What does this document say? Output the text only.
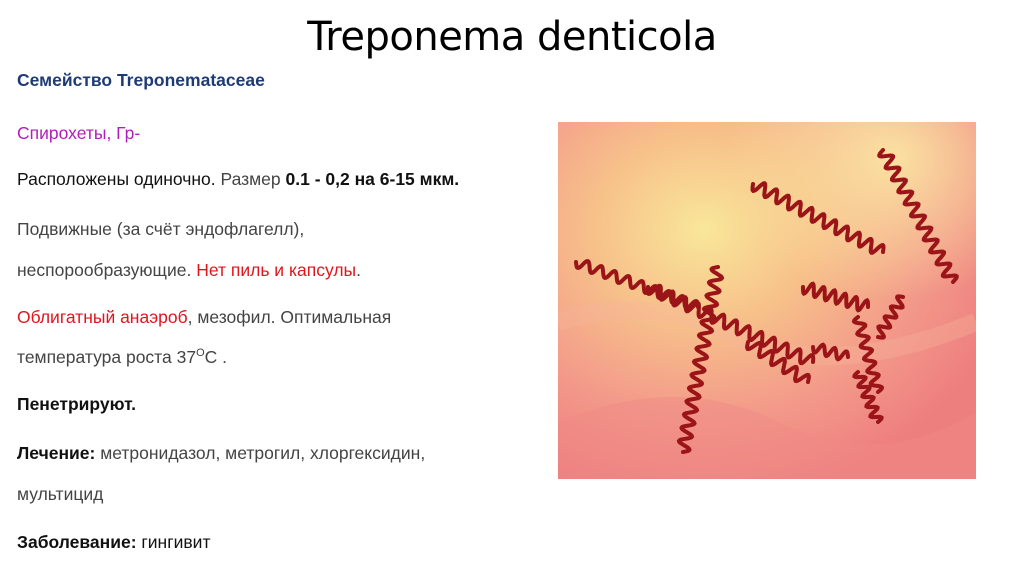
Treponema denticola
Семейство Treponemataceae
Спирохеты, Гр-
Расположены одиночно. Размер 0.1 - 0,2 на 6-15 мкм.
Подвижные (за счёт эндофлагелл),
неспорообразующие. Нет пиль и капсулы.
Облигатный анаэроб, мезофил. Оптимальная
температура роста $37^ОС$ .
Пенетрируют.
Лечение: метронидазол, метрогил, хлоргексидин,
мультицид
Заболевание: гингивит
